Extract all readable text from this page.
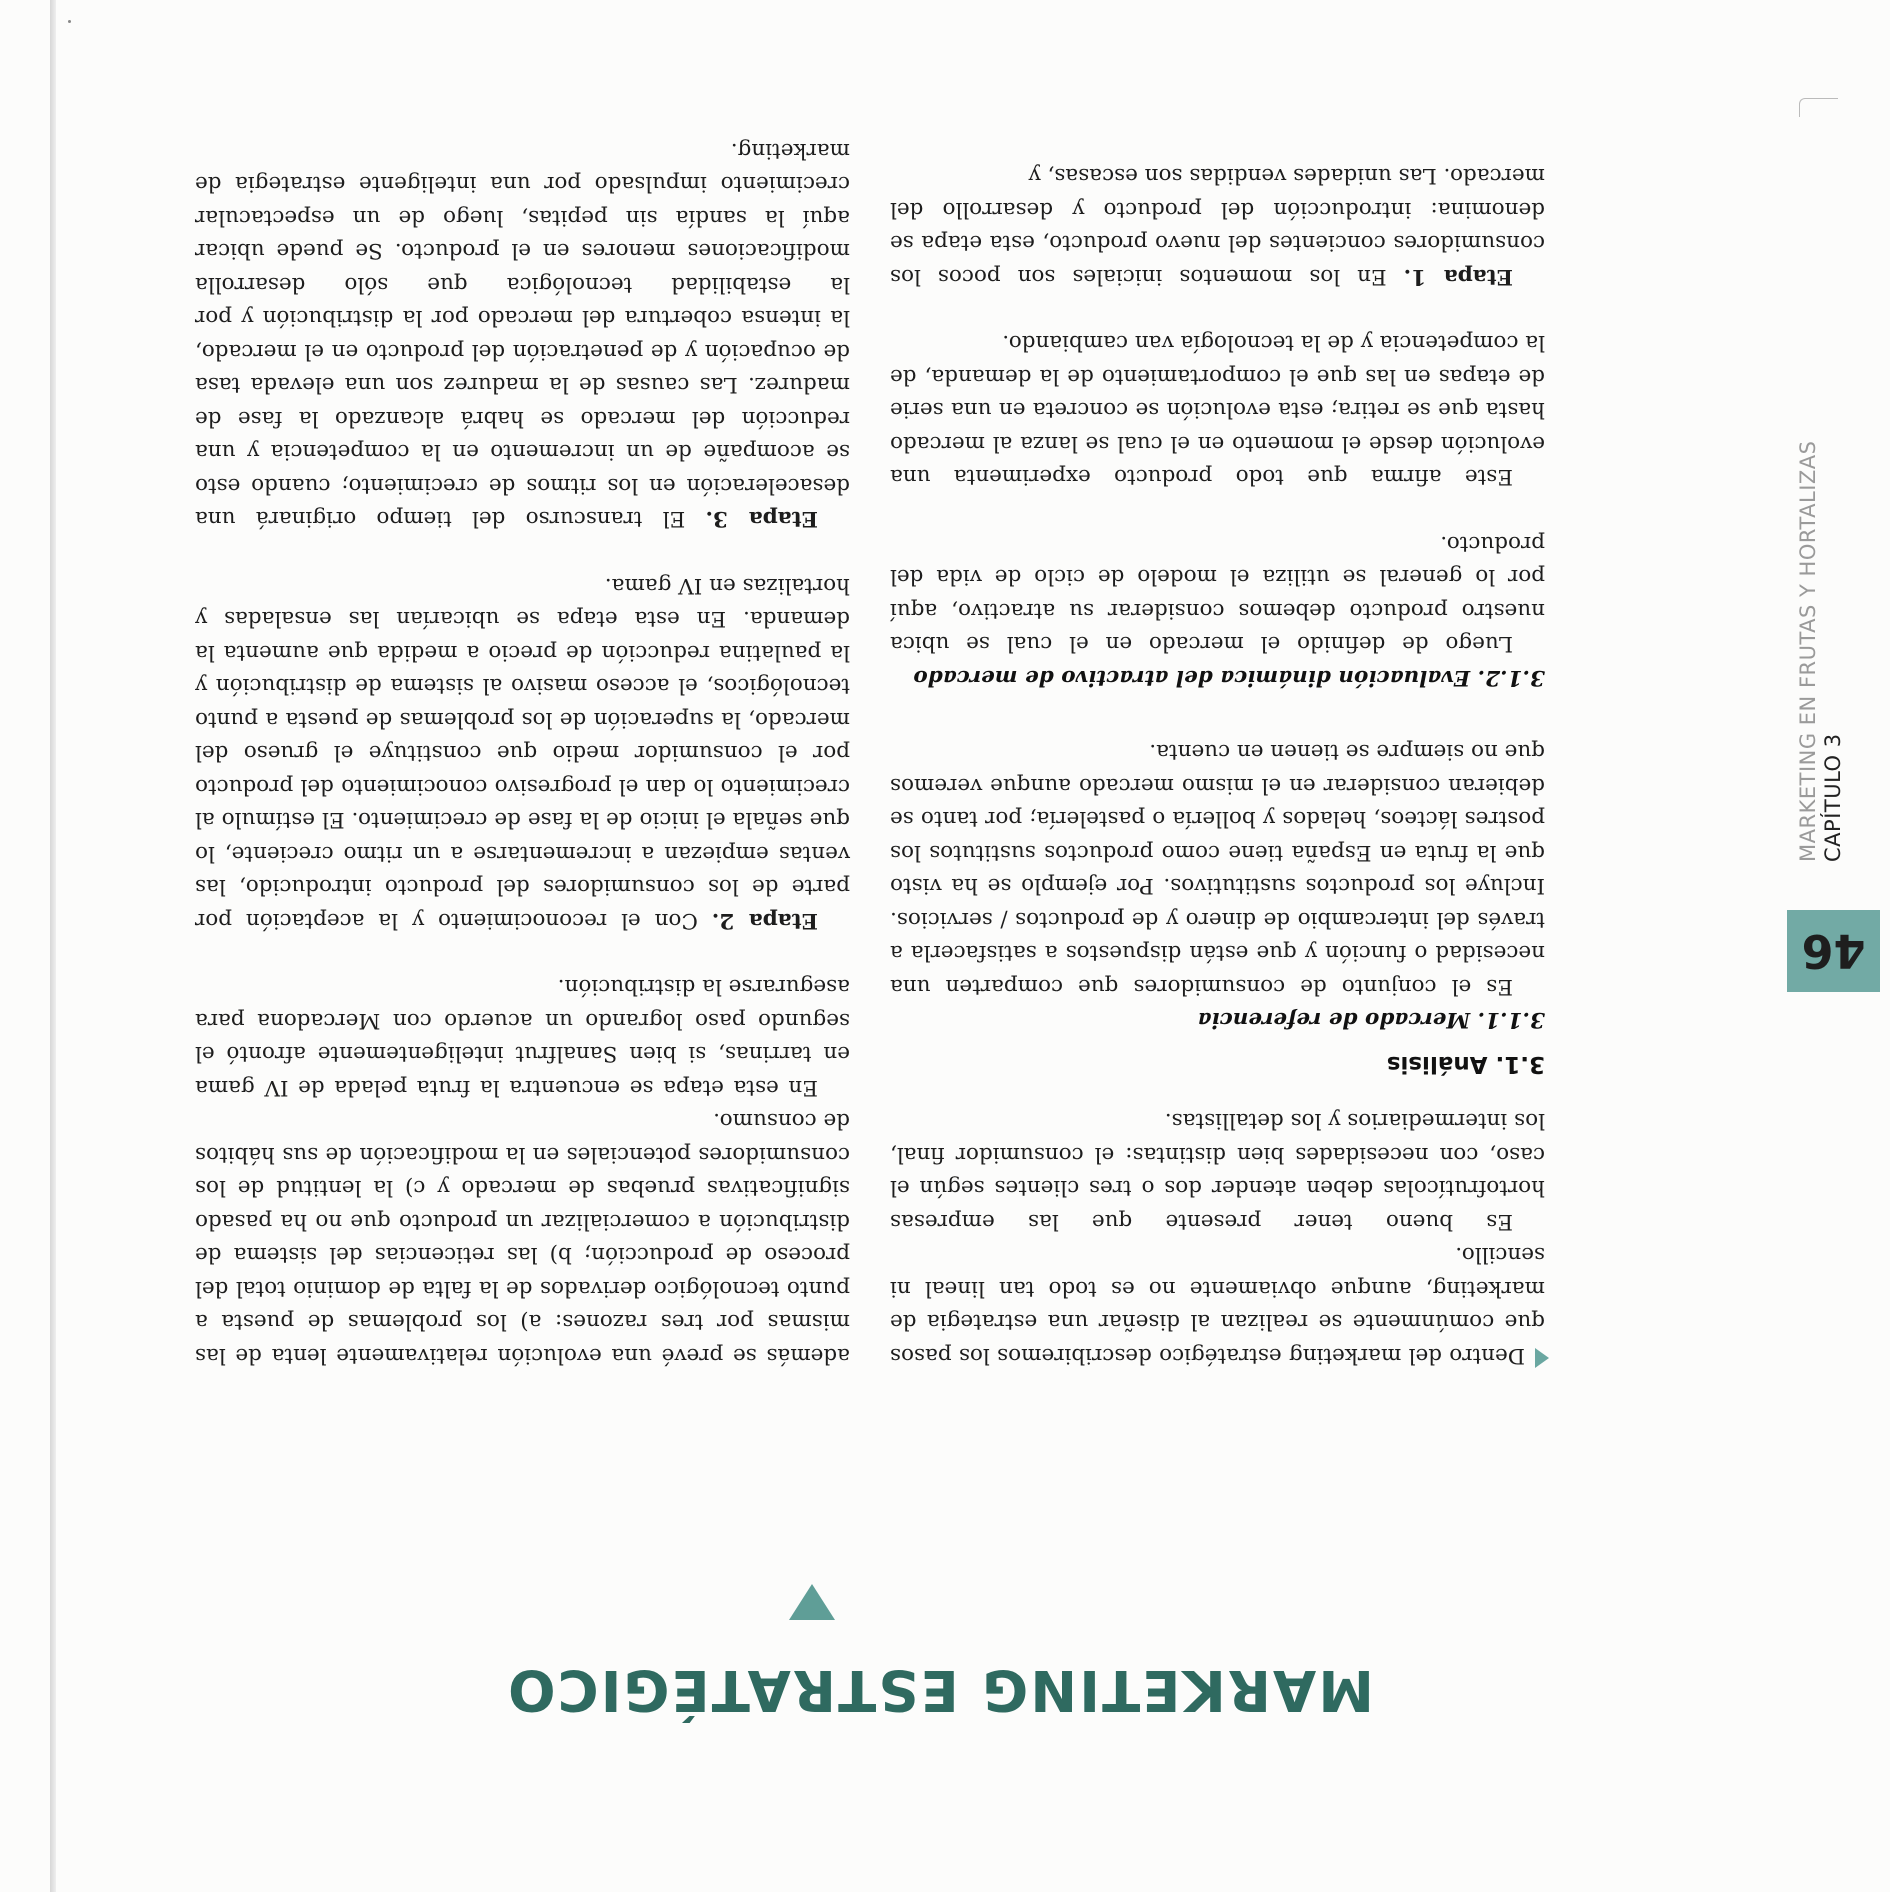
46
MARKETING EN FRUTAS Y HORTALIZAS CAPÍTULO 3
MARKETING ESTRATÉGICO

Dentro del marketing estratégico describiremos los pasos que comúnmente se realizan al diseñar una estrategia de marketing, aunque obviamente no es todo tan lineal ni sencillo.

Es bueno tener presente que las empresas hortofrutícolas deben atender dos o tres clientes según el caso, con necesidades bien distintas: el consumidor final, los intermediarios y los detallistas.

3.1. Análisis
3.1.1. Mercado de referencia

Es el conjunto de consumidores que comparten una necesidad o función y que están dispuestos a satisfacerla a través del intercambio de dinero y de productos / servicios. Incluye los productos sustitutivos. Por ejemplo se ha visto que la fruta en España tiene como productos sustitutos los postres lácteos, helados y bollería o pastelería; por tanto se debieran considerar en el mismo mercado aunque veremos que no siempre se tienen en cuenta.

3.1.2. Evaluación dinámica del atractivo de mercado

Luego de definido el mercado en el cual se ubica nuestro producto debemos considerar su atractivo, aquí por lo general se utiliza el modelo de ciclo de vida del producto.

Este afirma que todo producto experimenta una evolución desde el momento en el cual se lanza al mercado hasta que se retira; esta evolución se concreta en una serie de etapas en las que el comportamiento de la demanda, de la competencia y de la tecnología van cambiando.

Etapa 1. En los momentos iniciales son pocos los consumidores concientes del nuevo producto, esta etapa se denomina: introducción del producto y desarrollo del mercado. Las unidades vendidas son escasas, y

además se prevé una evolución relativamente lenta de las mismas por tres razones: a) los problemas de puesta a punto tecnológico derivados de la falta de dominio total del proceso de producción; b) las reticencias del sistema de distribución a comercializar un producto que no ha pasado significativas pruebas de mercado y c) la lentitud de los consumidores potenciales en la modificación de sus hábitos de consumo.

En esta etapa se encuentra la fruta pelada de IV gama en tarrinas, si bien Sanalfrut inteligentemente afrontó el segundo paso logrando un acuerdo con Mercadona para asegurarse la distribución.

Etapa 2. Con el reconocimiento y la aceptación por parte de los consumidores del producto introducido, las ventas empiezan a incrementarse a un ritmo creciente, lo que señala el inicio de la fase de crecimiento. El estímulo al crecimiento lo dan el progresivo conocimiento del producto por el consumidor medio que constituye el grueso del mercado, la superación de los problemas de puesta a punto tecnológicos, el acceso masivo al sistema de distribución y la paulatina reducción de precio a medida que aumenta la demanda. En esta etapa se ubicarían las ensaladas y hortalizas en IV gama.

Etapa 3. El transcurso del tiempo originará una desaceleración en los ritmos de crecimiento; cuando esto se acompañe de un incremento en la competencia y una reducción del mercado se habrá alcanzado la fase de madurez. Las causas de la madurez son una elevada tasa de ocupación y de penetración del producto en el mercado, la intensa cobertura del mercado por la distribución y por la estabilidad tecnológica que sólo desarrolla modificaciones menores en el producto. Se puede ubicar aquí la sandía sin pepitas, luego de un espectacular crecimiento impulsado por una inteligente estrategia de marketing.
